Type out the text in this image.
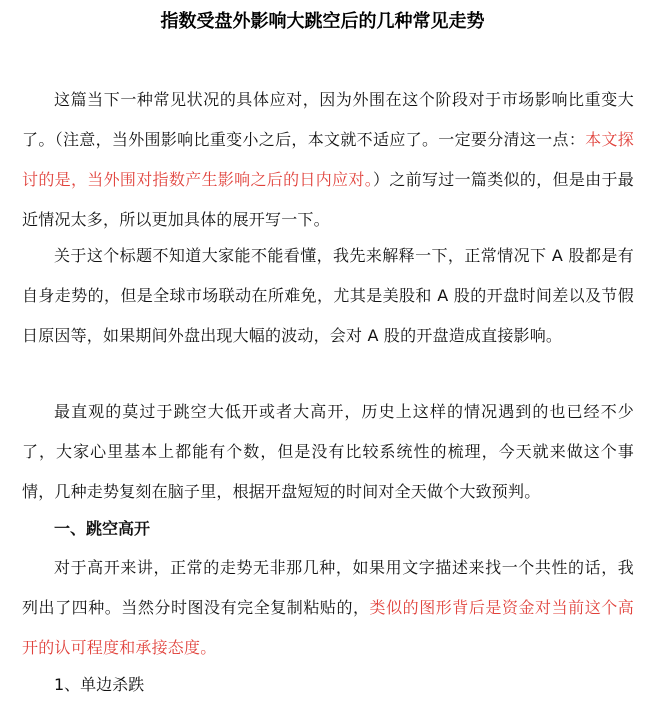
指数受盘外影响大跳空后的几种常见走势
这篇当下一种常见状况的具体应对，因为外围在这个阶段对于市场影响比重变大了。（注意，当外围影响比重变小之后，本文就不适应了。一定要分清这一点：本文探讨的是，当外围对指数产生影响之后的日内应对。）之前写过一篇类似的，但是由于最近情况太多，所以更加具体的展开写一下。
关于这个标题不知道大家能不能看懂，我先来解释一下，正常情况下 A 股都是有自身走势的，但是全球市场联动在所难免，尤其是美股和 A 股的开盘时间差以及节假日原因等，如果期间外盘出现大幅的波动，会对 A 股的开盘造成直接影响。
最直观的莫过于跳空大低开或者大高开，历史上这样的情况遇到的也已经不少了，大家心里基本上都能有个数，但是没有比较系统性的梳理，今天就来做这个事情，几种走势复刻在脑子里，根据开盘短短的时间对全天做个大致预判。
一、跳空高开
对于高开来讲，正常的走势无非那几种，如果用文字描述来找一个共性的话，我列出了四种。当然分时图没有完全复制粘贴的，类似的图形背后是资金对当前这个高开的认可程度和承接态度。
1、单边杀跌
